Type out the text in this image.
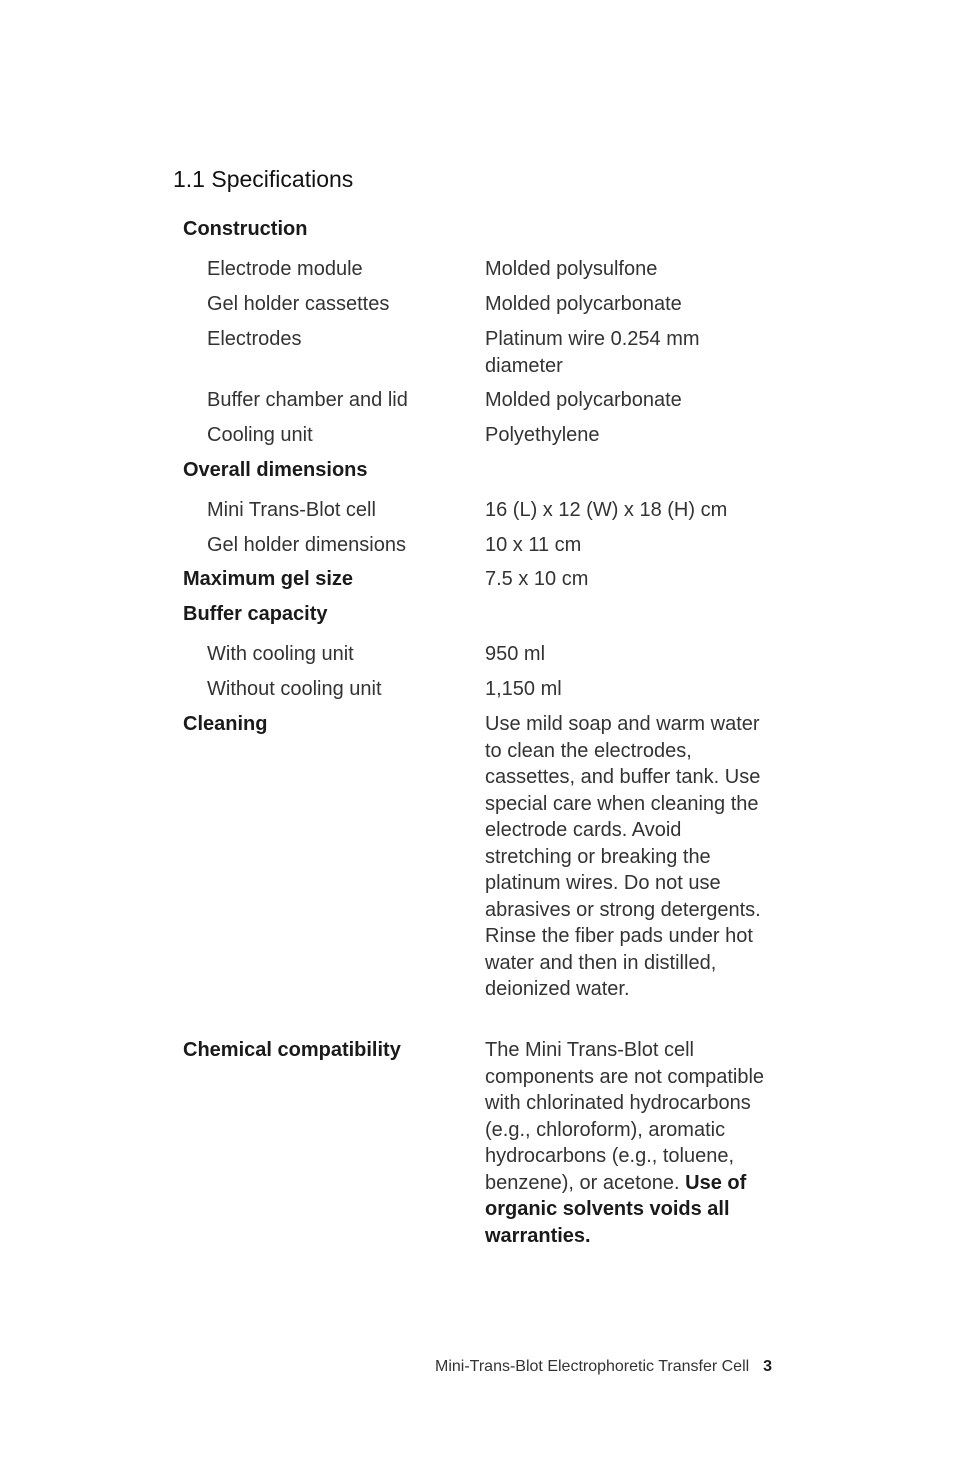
1.1 Specifications
Construction
Electrode module	Molded polysulfone
Gel holder cassettes	Molded polycarbonate
Electrodes	Platinum wire 0.254 mm diameter
Buffer chamber and lid	Molded polycarbonate
Cooling unit	Polyethylene
Overall dimensions
Mini Trans-Blot cell	16 (L) x 12 (W) x 18 (H) cm
Gel holder dimensions	10 x 11 cm
Maximum gel size	7.5 x 10 cm
Buffer capacity
With cooling unit	950 ml
Without cooling unit	1,150 ml
Cleaning	Use mild soap and warm water to clean the electrodes, cassettes, and buffer tank. Use special care when cleaning the electrode cards. Avoid stretching or breaking the platinum wires. Do not use abrasives or strong detergents. Rinse the fiber pads under hot water and then in distilled, deionized water.
Chemical compatibility	The Mini Trans-Blot cell components are not compatible with chlorinated hydrocarbons (e.g., chloroform), aromatic hydrocarbons (e.g., toluene, benzene), or acetone. Use of organic solvents voids all warranties.
Mini-Trans-Blot Electrophoretic Transfer Cell 3
